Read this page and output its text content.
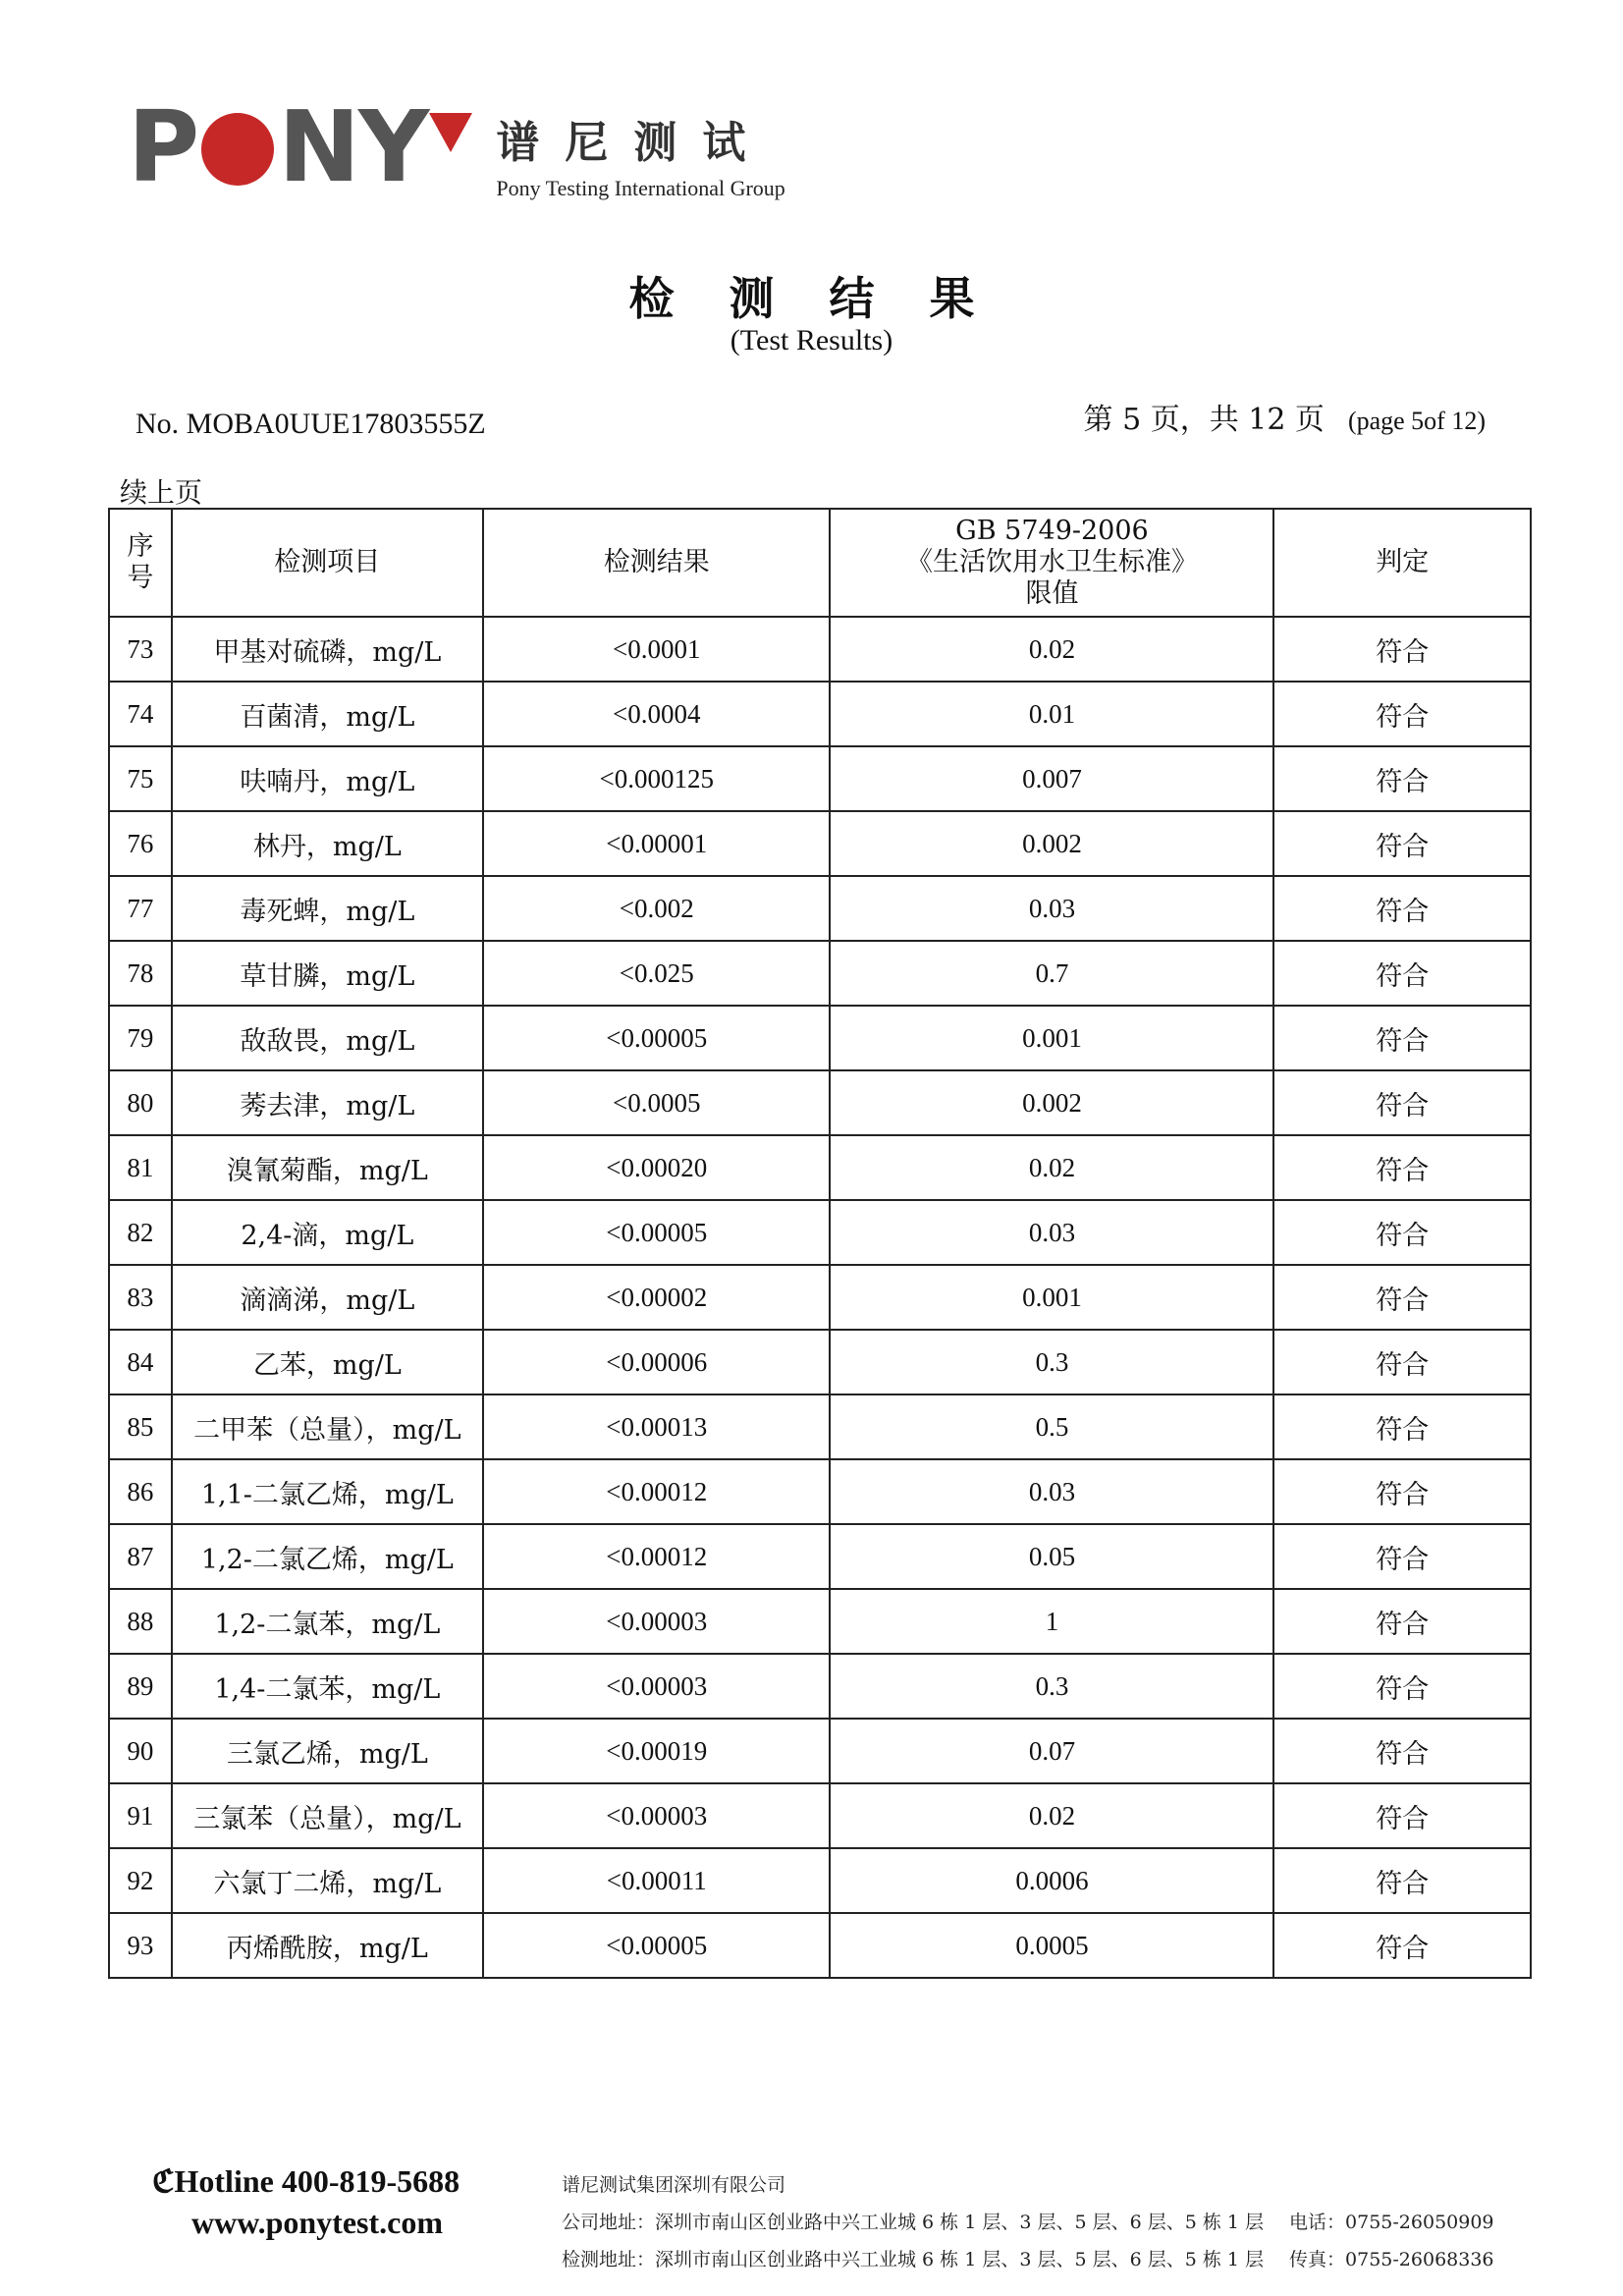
P NY 谱尼测试
Pony Testing International Group
检 测 结 果
(Test Results)
No. MOBA0UUE17803555Z	第 5 页，共 12 页 (page 5of 12)
续上页
序
号	检测项目	检测结果	GB 5749-2006
《生活饮用水卫生标准》
限值	判定
73	甲基对硫磷，mg/L	<0.0001	0.02	符合
74	百菌清，mg/L	<0.0004	0.01	符合
75	呋喃丹，mg/L	<0.000125	0.007	符合
76	林丹，mg/L	<0.00001	0.002	符合
77	毒死蜱，mg/L	<0.002	0.03	符合
78	草甘膦，mg/L	<0.025	0.7	符合
79	敌敌畏，mg/L	<0.00005	0.001	符合
80	莠去津，mg/L	<0.0005	0.002	符合
81	溴氰菊酯，mg/L	<0.00020	0.02	符合
82	2,4-滴，mg/L	<0.00005	0.03	符合
83	滴滴涕，mg/L	<0.00002	0.001	符合
84	乙苯，mg/L	<0.00006	0.3	符合
85	二甲苯（总量），mg/L	<0.00013	0.5	符合
86	1,1-二氯乙烯，mg/L	<0.00012	0.03	符合
87	1,2-二氯乙烯，mg/L	<0.00012	0.05	符合
88	1,2-二氯苯，mg/L	<0.00003	1	符合
89	1,4-二氯苯，mg/L	<0.00003	0.3	符合
90	三氯乙烯，mg/L	<0.00019	0.07	符合
91	三氯苯（总量），mg/L	<0.00003	0.02	符合
92	六氯丁二烯，mg/L	<0.00011	0.0006	符合
93	丙烯酰胺，mg/L	<0.00005	0.0005	符合
ℭHotline 400-819-5688
www.ponytest.com
谱尼测试集团深圳有限公司
公司地址：深圳市南山区创业路中兴工业城 6 栋 1 层、3 层、5 层、6 层、5 栋 1 层 电话：0755-26050909
检测地址：深圳市南山区创业路中兴工业城 6 栋 1 层、3 层、5 层、6 层、5 栋 1 层 传真：0755-26068336
